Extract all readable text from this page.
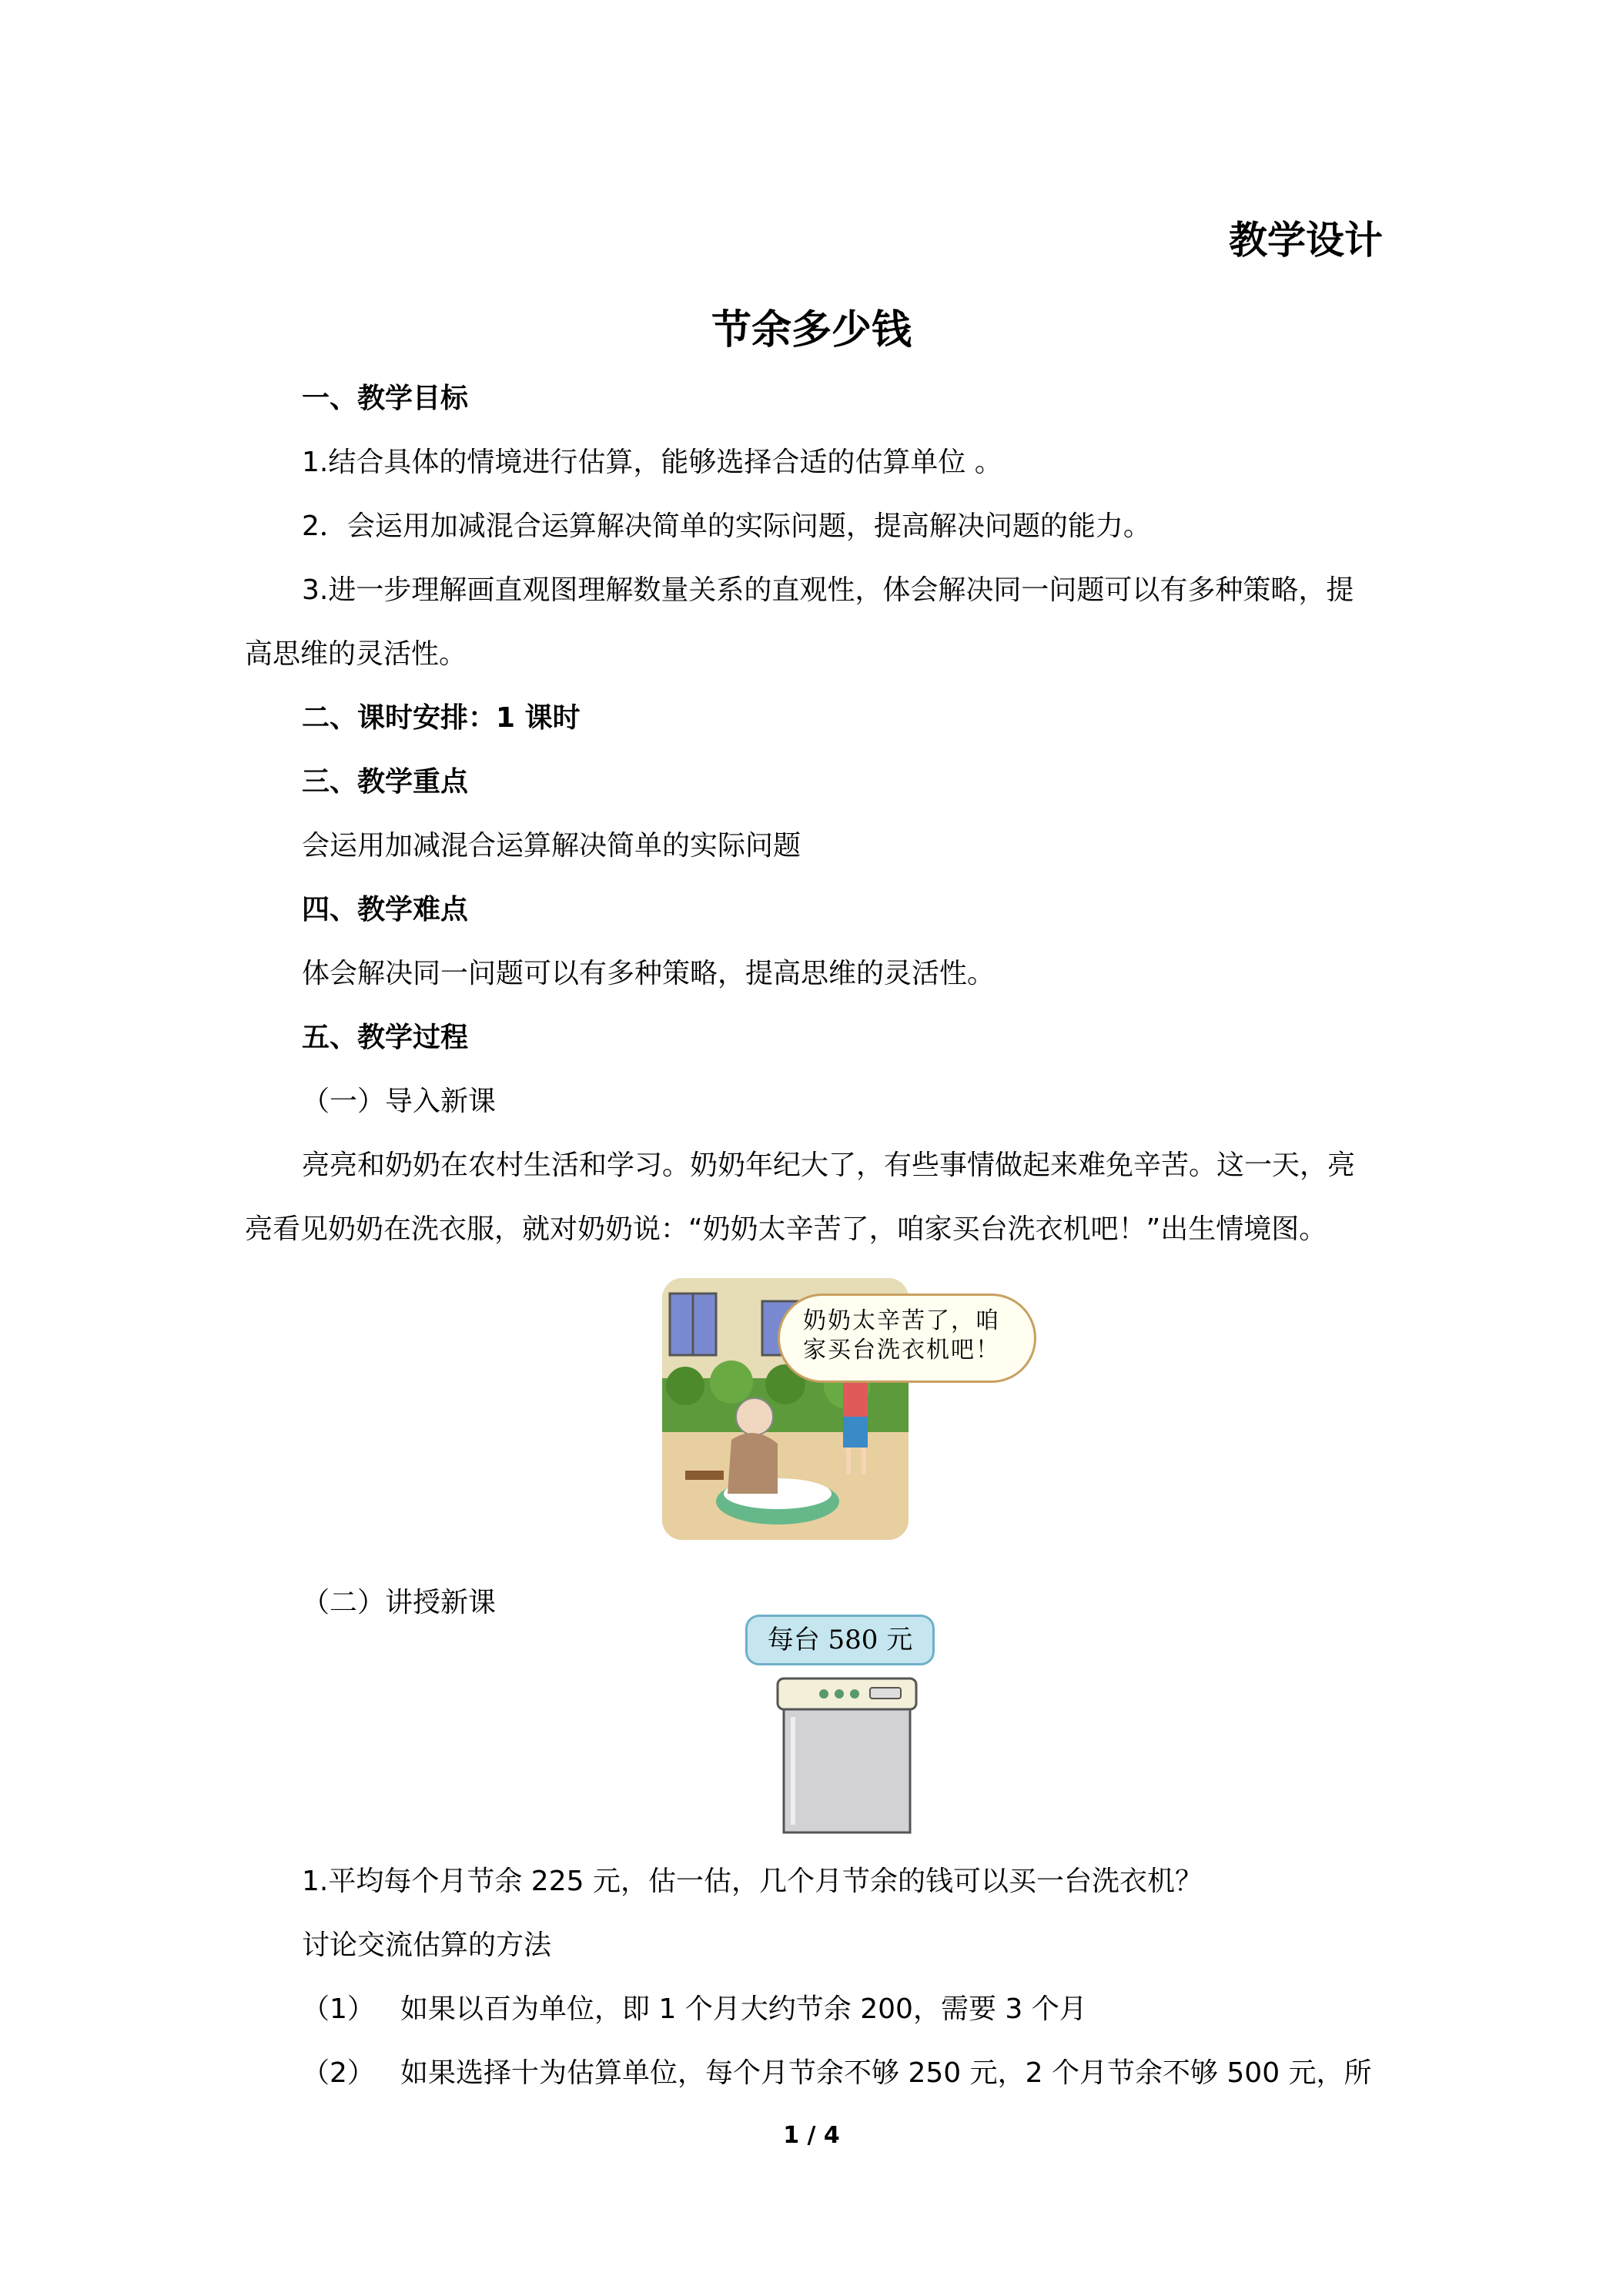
教学设计
节余多少钱
一、教学目标
1.结合具体的情境进行估算，能够选择合适的估算单位 。
2．会运用加减混合运算解决简单的实际问题，提高解决问题的能力。
3.进一步理解画直观图理解数量关系的直观性，体会解决同一问题可以有多种策略，提
高思维的灵活性。
二、课时安排：1 课时
三、教学重点
会运用加减混合运算解决简单的实际问题
四、教学难点
体会解决同一问题可以有多种策略，提高思维的灵活性。
五、教学过程
（一）导入新课
亮亮和奶奶在农村生活和学习。奶奶年纪大了，有些事情做起来难免辛苦。这一天，亮
亮看见奶奶在洗衣服，就对奶奶说：“奶奶太辛苦了，咱家买台洗衣机吧！”出生情境图。
奶奶太辛苦了，咱家买台洗衣机吧！
（二）讲授新课
每台 580 元
1.平均每个月节余 225 元，估一估，几个月节余的钱可以买一台洗衣机？
讨论交流估算的方法
（1） 如果以百为单位，即 1 个月大约节余 200，需要 3 个月
（2） 如果选择十为估算单位，每个月节余不够 250 元，2 个月节余不够 500 元，所
1 / 4
